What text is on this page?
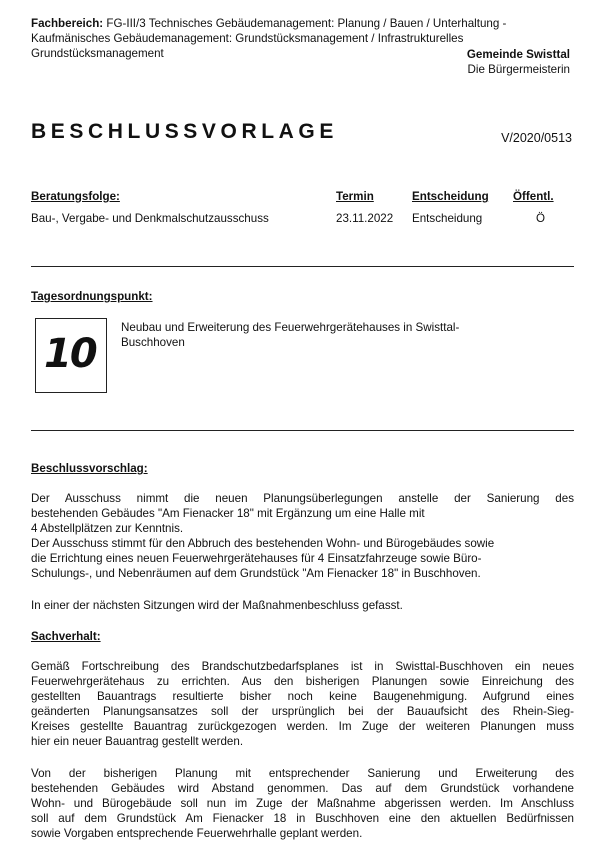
Fachbereich: FG-III/3 Technisches Gebäudemanagement: Planung / Bauen / Unterhaltung - Kaufmänisches Gebäudemanagement: Grundstücksmanagement / Infrastrukturelles Grundstücksmanagement	Gemeinde Swisttal
Die Bürgermeisterin
BESCHLUSSVORLAGE	V/2020/0513
Beratungsfolge:	Termin	Entscheidung Öffentl.
Bau-, Vergabe- und Denkmalschutzausschuss	23.11.2022 Entscheidung	Ö
Tagesordnungspunkt:
10
Neubau und Erweiterung des Feuerwehrgerätehauses in Swisttal-
Buschhoven
Beschlussvorschlag:
Der Ausschuss nimmt die neuen Planungsüberlegungen anstelle der Sanierung des
bestehenden Gebäudes "Am Fienacker 18" mit Ergänzung um eine Halle mit
4 Abstellplätzen zur Kenntnis.
Der Ausschuss stimmt für den Abbruch des bestehenden Wohn- und Bürogebäudes sowie
die Errichtung eines neuen Feuerwehrgerätehauses für 4 Einsatzfahrzeuge sowie Büro-
Schulungs-, und Nebenräumen auf dem Grundstück "Am Fienacker 18" in Buschhoven.
In einer der nächsten Sitzungen wird der Maßnahmenbeschluss gefasst.
Sachverhalt:
Gemäß Fortschreibung des Brandschutzbedarfsplanes ist in Swisttal-Buschhoven ein neues
Feuerwehrgerätehaus zu errichten. Aus den bisherigen Planungen sowie Einreichung des
gestellten Bauantrags resultierte bisher noch keine Baugenehmigung. Aufgrund eines
geänderten Planungsansatzes soll der ursprünglich bei der Bauaufsicht des Rhein-Sieg-
Kreises gestellte Bauantrag zurückgezogen werden. Im Zuge der weiteren Planungen muss
hier ein neuer Bauantrag gestellt werden.
Von der bisherigen Planung mit entsprechender Sanierung und Erweiterung des
bestehenden Gebäudes wird Abstand genommen. Das auf dem Grundstück vorhandene
Wohn- und Bürogebäude soll nun im Zuge der Maßnahme abgerissen werden. Im Anschluss
soll auf dem Grundstück Am Fienacker 18 in Buschhoven eine den aktuellen Bedürfnissen
sowie Vorgaben entsprechende Feuerwehrhalle geplant werden.
